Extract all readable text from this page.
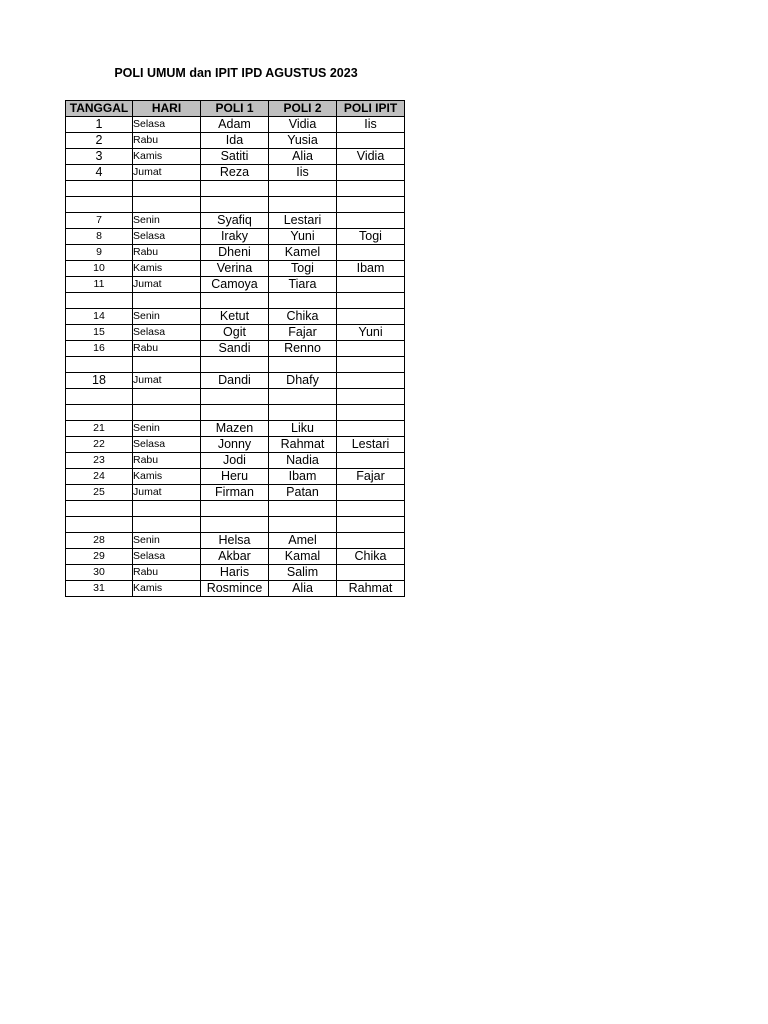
POLI UMUM dan IPIT IPD AGUSTUS 2023
TANGGAL	HARI	POLI 1	POLI 2	POLI IPIT
1	Selasa	Adam	Vidia	Iis
2	Rabu	Ida	Yusia	
3	Kamis	Satiti	Alia	Vidia
4	Jumat	Reza	Iis	

7	Senin	Syafiq	Lestari	
8	Selasa	Iraky	Yuni	Togi
9	Rabu	Dheni	Kamel	
10	Kamis	Verina	Togi	Ibam
11	Jumat	Camoya	Tiara	

14	Senin	Ketut	Chika	
15	Selasa	Ogit	Fajar	Yuni
16	Rabu	Sandi	Renno	

18	Jumat	Dandi	Dhafy	

21	Senin	Mazen	Liku	
22	Selasa	Jonny	Rahmat	Lestari
23	Rabu	Jodi	Nadia	
24	Kamis	Heru	Ibam	Fajar
25	Jumat	Firman	Patan	

28	Senin	Helsa	Amel	
29	Selasa	Akbar	Kamal	Chika
30	Rabu	Haris	Salim	
31	Kamis	Rosmince	Alia	Rahmat
